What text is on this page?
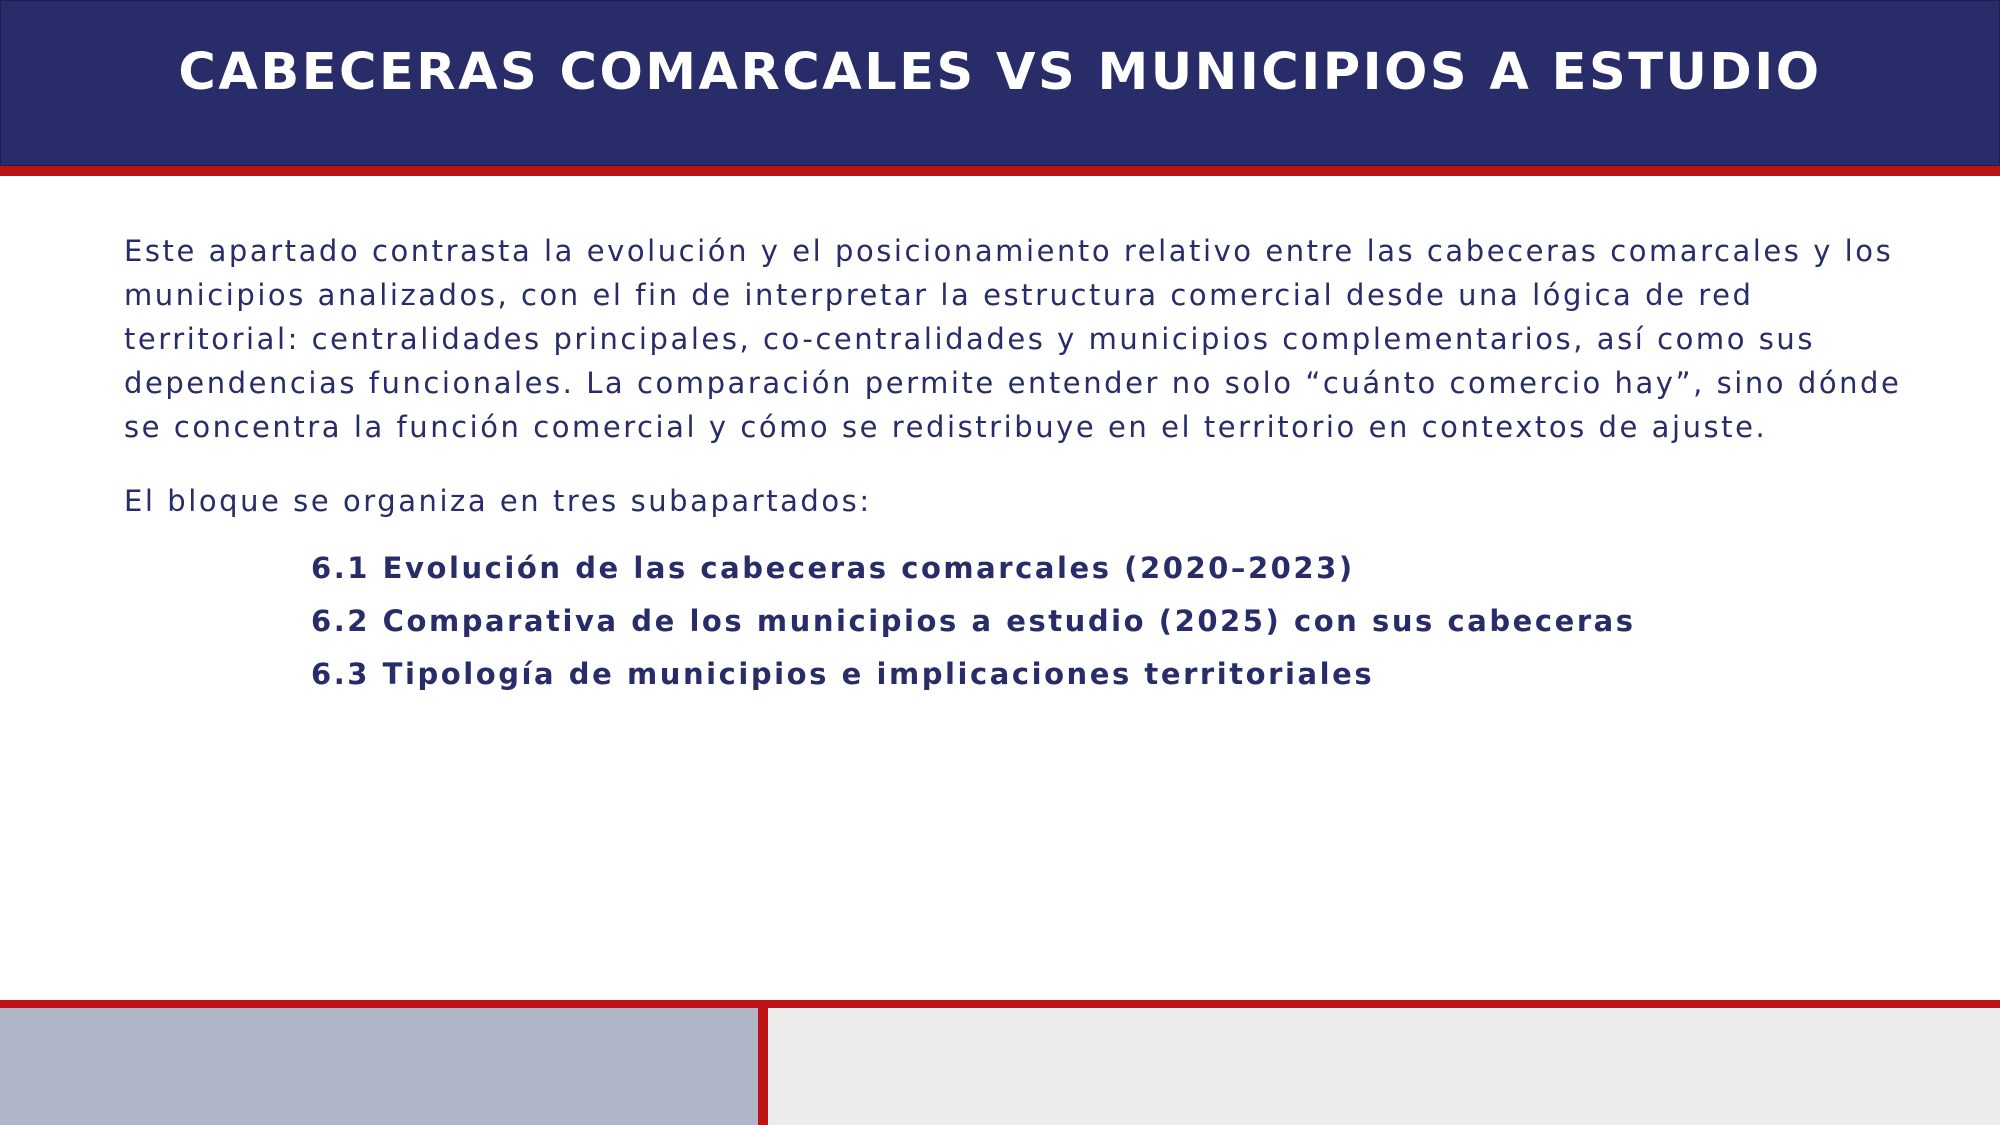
CABECERAS COMARCALES VS MUNICIPIOS A ESTUDIO

Este apartado contrasta la evolución y el posicionamiento relativo entre las cabeceras comarcales y los municipios analizados, con el fin de interpretar la estructura comercial desde una lógica de red territorial: centralidades principales, co-centralidades y municipios complementarios, así como sus dependencias funcionales. La comparación permite entender no solo “cuánto comercio hay”, sino dónde se concentra la función comercial y cómo se redistribuye en el territorio en contextos de ajuste.

El bloque se organiza en tres subapartados:

6.1 Evolución de las cabeceras comarcales (2020–2023)
6.2 Comparativa de los municipios a estudio (2025) con sus cabeceras
6.3 Tipología de municipios e implicaciones territoriales
